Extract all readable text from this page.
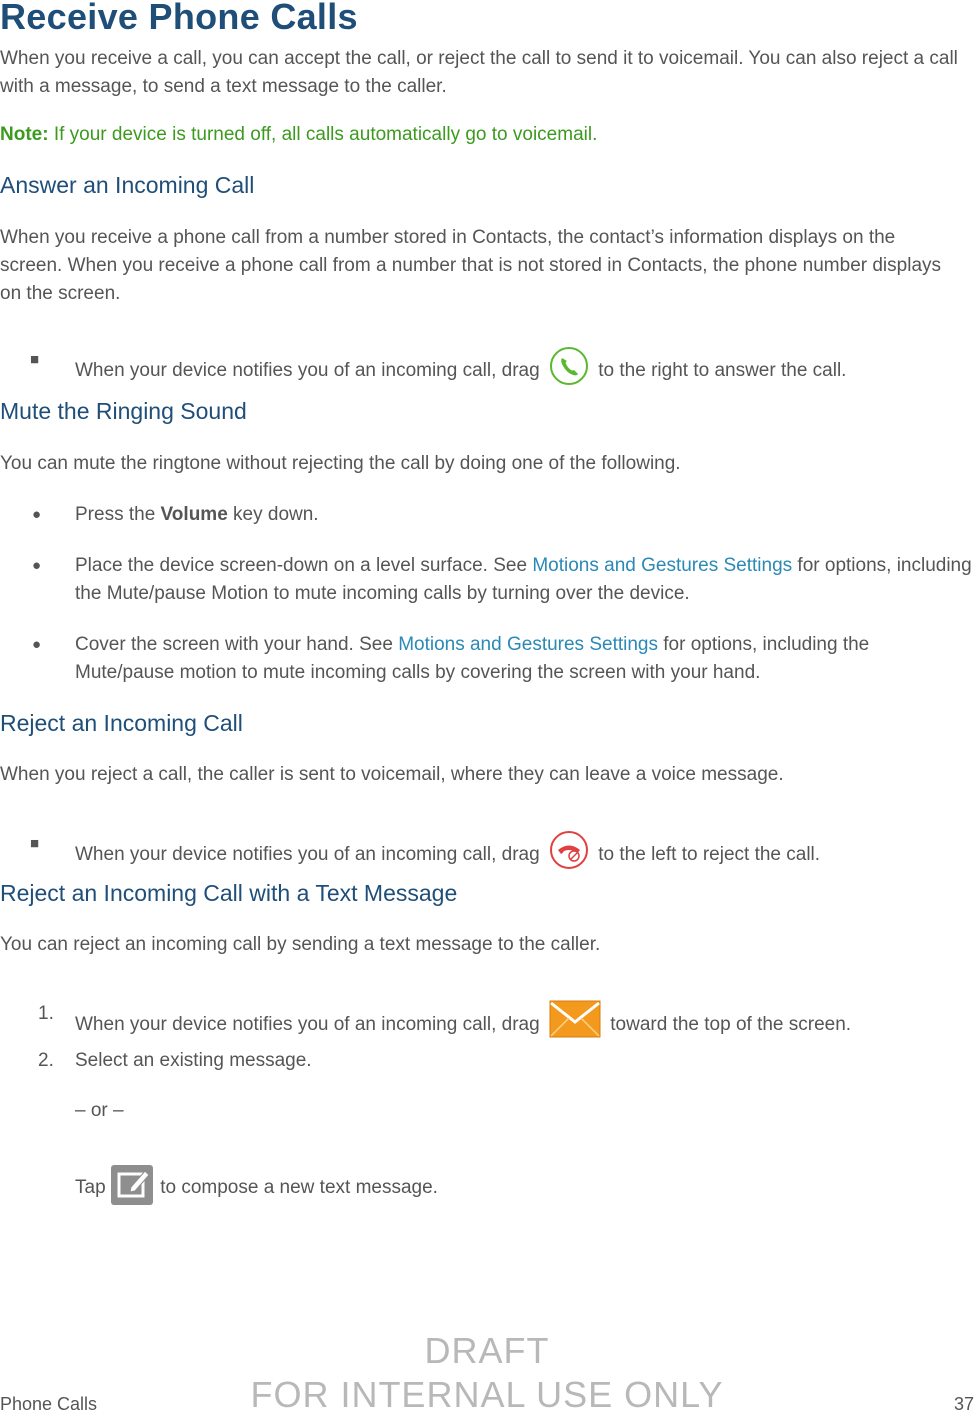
Receive Phone Calls

When you receive a call, you can accept the call, or reject the call to send it to voicemail. You can also reject a call with a message, to send a text message to the caller.

Note: If your device is turned off, all calls automatically go to voicemail.
Answer an Incoming Call

When you receive a phone call from a number stored in Contacts, the contact’s information displays on the screen. When you receive a phone call from a number that is not stored in Contacts, the phone number displays on the screen.

■
When your device notifies you of an incoming call, drag	to the right to answer the call.
Mute the Ringing Sound

You can mute the ringtone without rejecting the call by doing one of the following.

● Press the Volume key down.
● Place the device screen-down on a level surface. See Motions and Gestures Settings for options, including the Mute/pause Motion to mute incoming calls by turning over the device.
● Cover the screen with your hand. See Motions and Gestures Settings for options, including the Mute/pause motion to mute incoming calls by covering the screen with your hand.
Reject an Incoming Call

When you reject a call, the caller is sent to voicemail, where they can leave a voice message.

■
When your device notifies you of an incoming call, drag	to the left to reject the call.
Reject an Incoming Call with a Text Message

You can reject an incoming call by sending a text message to the caller.

1.
When your device notifies you of an incoming call, drag	toward the top of the screen.
2. Select an existing message.
– or –
Tap  to compose a new text message.
DRAFT
FOR INTERNAL USE ONLY
Phone Calls	37
